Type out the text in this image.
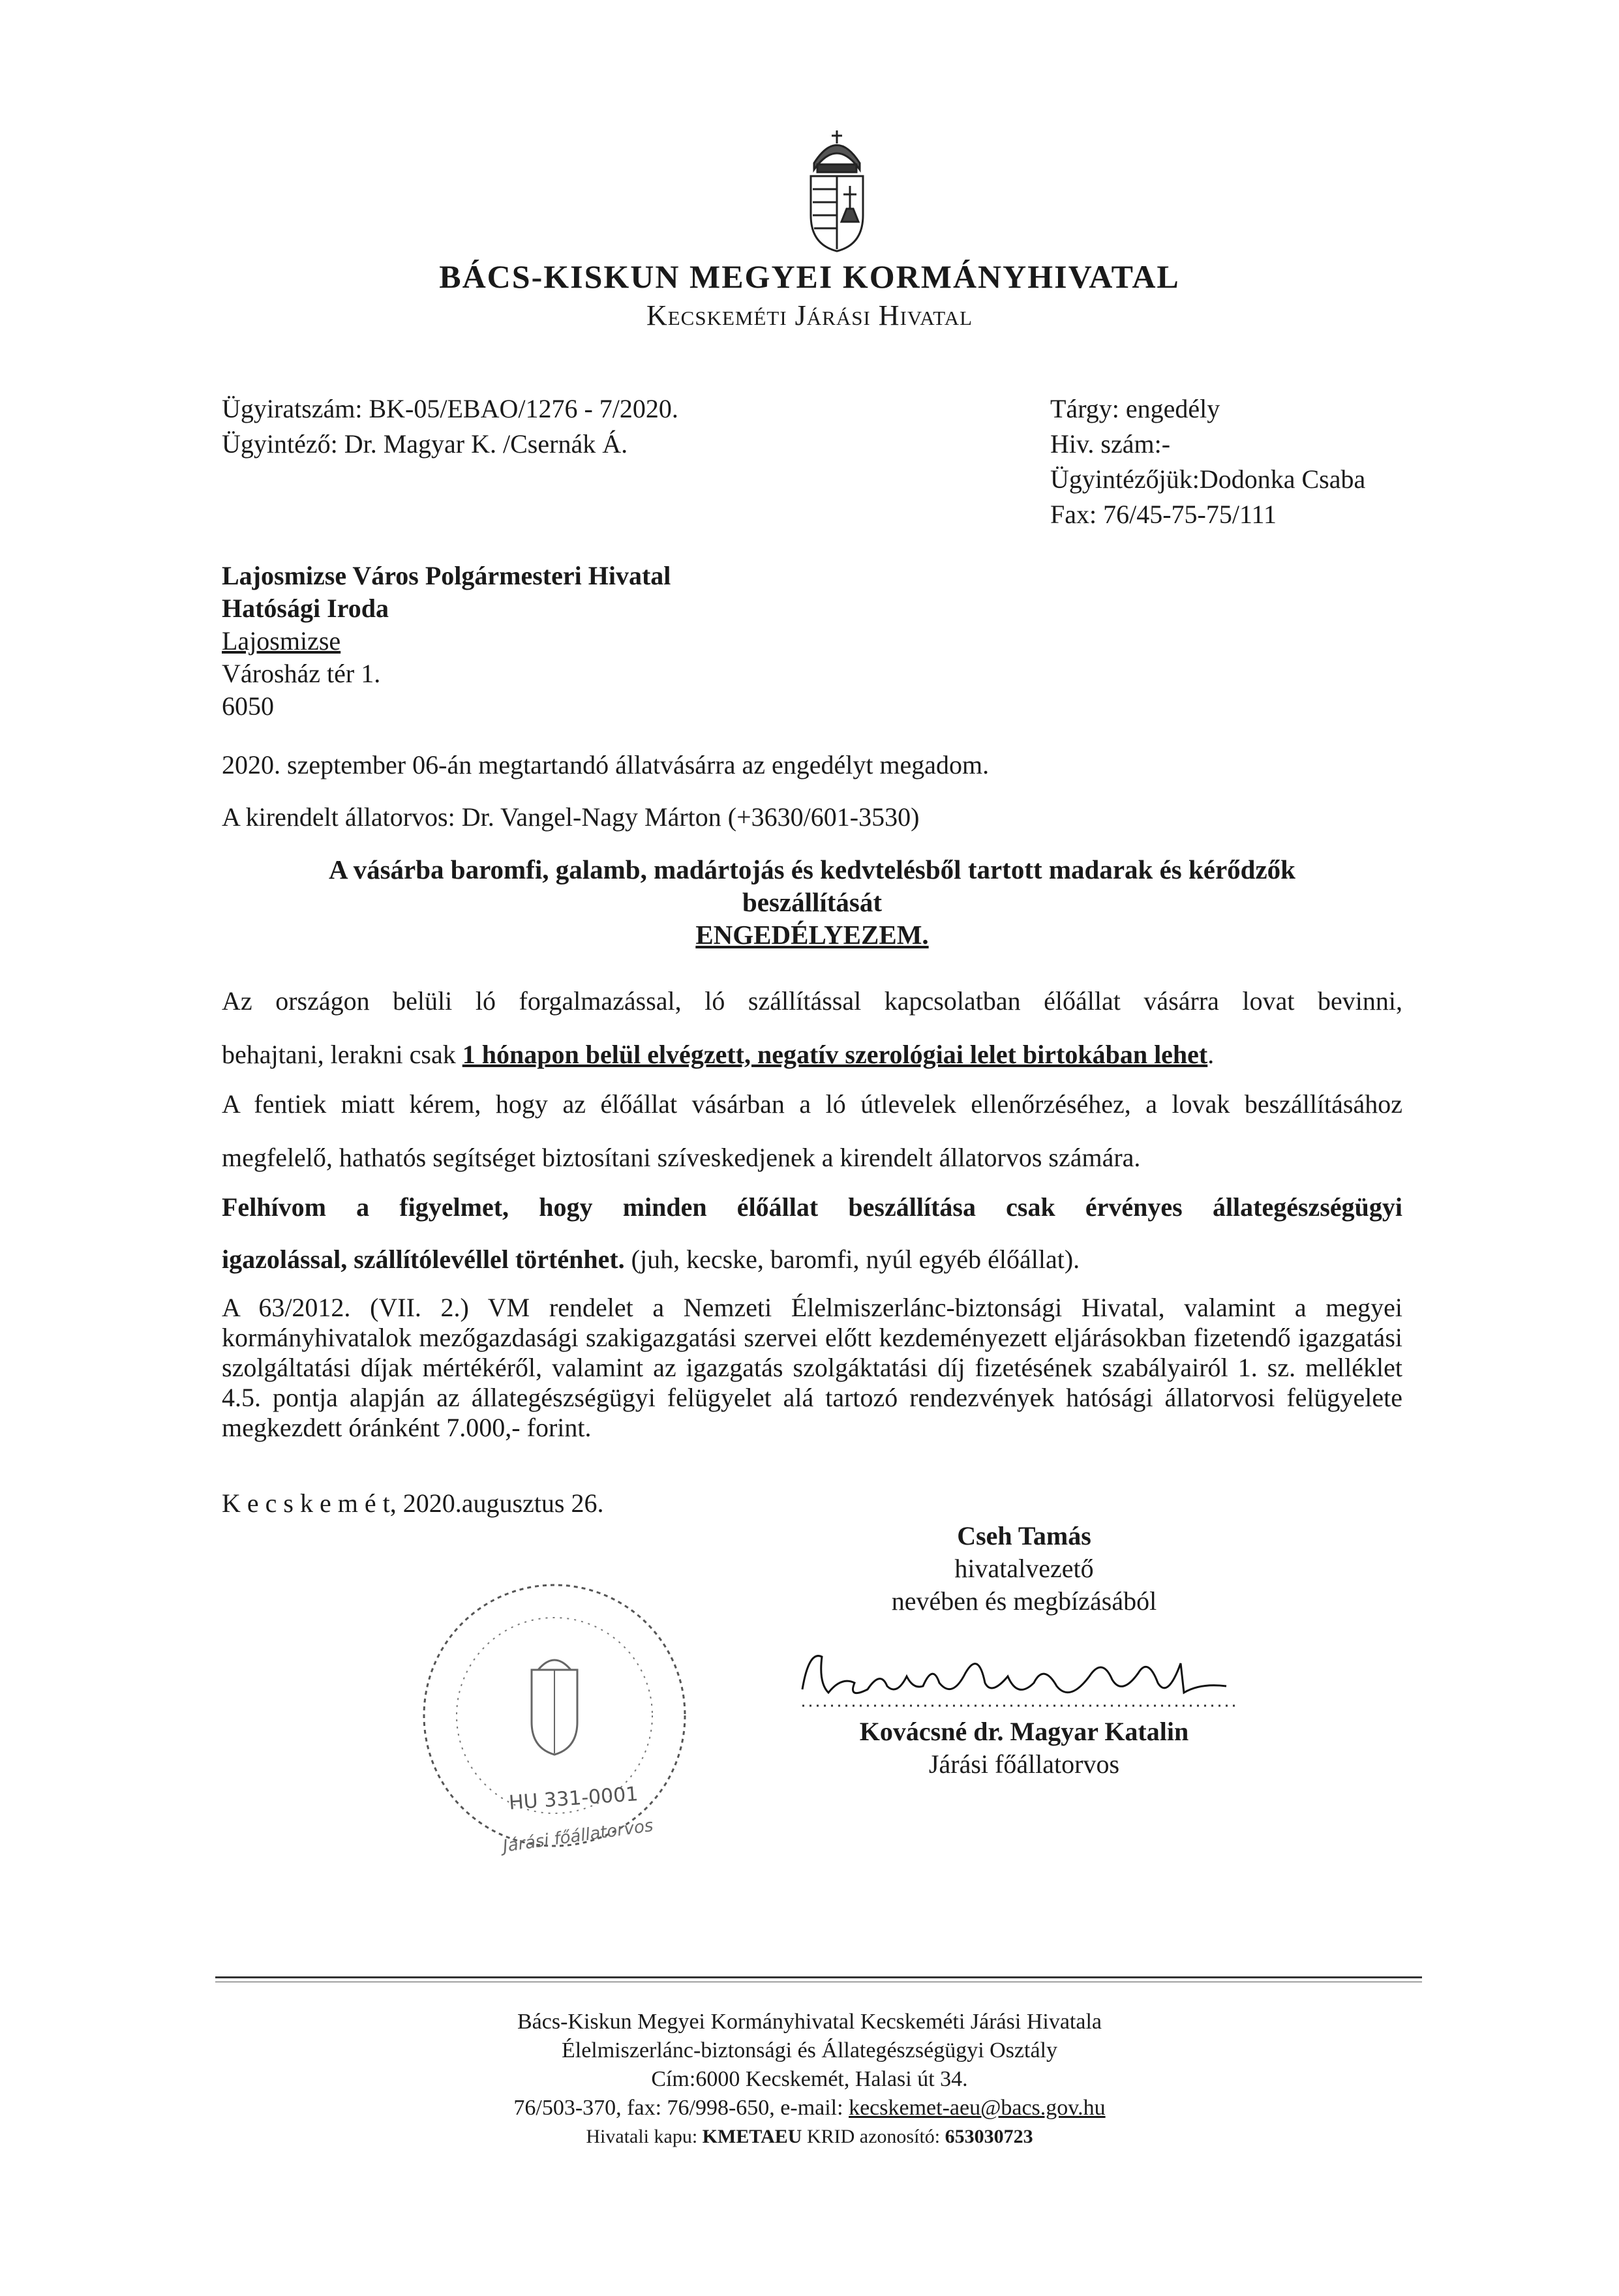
BÁCS-KISKUN MEGYEI KORMÁNYHIVATAL
Kecskeméti Járási Hivatal
Ügyiratszám: BK-05/EBAO/1276 - 7/2020.
Ügyintéző: Dr. Magyar K. /Csernák Á.
Tárgy: engedély
Hiv. szám:-
Ügyintézőjük:Dodonka Csaba
Fax: 76/45-75-75/111
Lajosmizse Város Polgármesteri Hivatal
Hatósági Iroda
Lajosmizse
Városház tér 1.
6050
2020. szeptember 06-án megtartandó állatvásárra az engedélyt megadom.
A kirendelt állatorvos: Dr. Vangel-Nagy Márton (+3630/601-3530)
A vásárba baromfi, galamb, madártojás és kedvtelésből tartott madarak és kérődzők
beszállítását
ENGEDÉLYEZEM.
Az országon belüli ló forgalmazással, ló szállítással kapcsolatban élőállat vásárra lovat bevinni,
behajtani, lerakni csak 1 hónapon belül elvégzett, negatív szerológiai lelet birtokában lehet.
A fentiek miatt kérem, hogy az élőállat vásárban a ló útlevelek ellenőrzéséhez, a lovak beszállításához
megfelelő, hathatós segítséget biztosítani szíveskedjenek a kirendelt állatorvos számára.
Felhívom a figyelmet, hogy minden élőállat beszállítása csak érvényes állategészségügyi
igazolással, szállítólevéllel történhet. (juh, kecske, baromfi, nyúl egyéb élőállat).
A 63/2012. (VII. 2.) VM rendelet a Nemzeti Élelmiszerlánc-biztonsági Hivatal, valamint a megyei kormányhivatalok mezőgazdasági szakigazgatási szervei előtt kezdeményezett eljárásokban fizetendő igazgatási szolgáltatási díjak mértékéről, valamint az igazgatás szolgáktatási díj fizetésének szabályairól 1. sz. melléklet 4.5. pontja alapján az állategészségügyi felügyelet alá tartozó rendezvények hatósági állatorvosi felügyelete megkezdett óránként 7.000,- forint.
K e c s k e m é t, 2020.augusztus 26.
Cseh Tamás
hivatalvezető
nevében és megbízásából
Kovácsné dr. Magyar Katalin
Járási főállatorvos
HU 331-0001
Járási főállatorvos
Bács-Kiskun Megyei Kormányhivatal Kecskeméti Járási Hivatala
Élelmiszerlánc-biztonsági és Állategészségügyi Osztály
Cím:6000 Kecskemét, Halasi út 34.
76/503-370, fax: 76/998-650, e-mail: kecskemet-aeu@bacs.gov.hu
Hivatali kapu: KMETAEU KRID azonosító: 653030723
